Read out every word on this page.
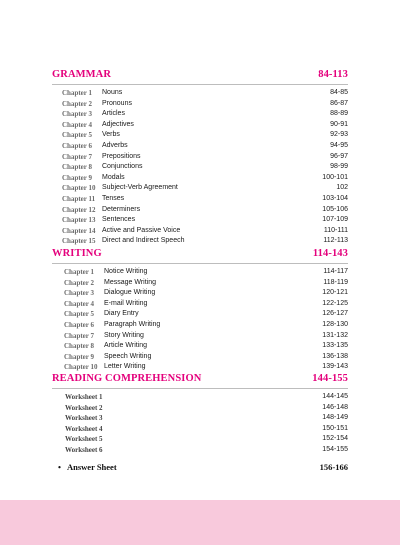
GRAMMAR	84-113
Chapter 1 Nouns	84-85
Chapter 2 Pronouns	86-87
Chapter 3 Articles	88-89
Chapter 4 Adjectives	90-91
Chapter 5 Verbs	92-93
Chapter 6 Adverbs	94-95
Chapter 7 Prepositions	96-97
Chapter 8 Conjunctions	98-99
Chapter 9 Modals	100-101
Chapter 10 Subject-Verb Agreement	102
Chapter 11 Tenses	103-104
Chapter 12 Determiners	105-106
Chapter 13 Sentences	107-109
Chapter 14 Active and Passive Voice	110-111
Chapter 15 Direct and Indirect Speech	112-113
WRITING	114-143
Chapter 1 Notice Writing	114-117
Chapter 2 Message Writing	118-119
Chapter 3 Dialogue Writing	120-121
Chapter 4 E-mail Writing	122-125
Chapter 5 Diary Entry	126-127
Chapter 6 Paragraph Writing	128-130
Chapter 7 Story Writing	131-132
Chapter 8 Article Writing	133-135
Chapter 9 Speech Writing	136-138
Chapter 10 Letter Writing	139-143
READING COMPREHENSION	144-155
Worksheet 1	144-145
Worksheet 2	146-148
Worksheet 3	148-149
Worksheet 4	150-151
Worksheet 5	152-154
Worksheet 6	154-155
• Answer Sheet	156-166
